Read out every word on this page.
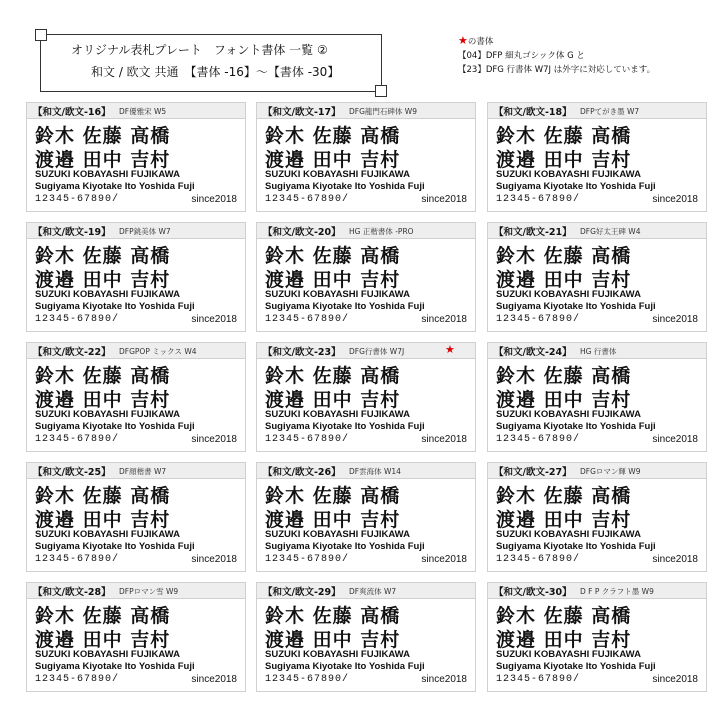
オリジナル表札プレート　フォント書体 一覧 ②
和文 / 欧文 共通　【書体 -16】〜【書体 -30】
★の書体
【04】DFP 細丸ゴシック体 G と
【23】DFG 行書体 W7J は外字に対応しています。
【和文/欧文-16】 DF優雅宋 W5
鈴木 佐藤 高橋
渡邉 田中 吉村
SUZUKI KOBAYASHI FUJIKAWA
Sugiyama Kiyotake Ito Yoshida Fuji
12345-67890/	since2018
【和文/欧文-17】 DFG龍門石碑体 W9
鈴木 佐藤 高橋
渡邉 田中 吉村
SUZUKI KOBAYASHI FUJIKAWA
Sugiyama Kiyotake Ito Yoshida Fuji
12345-67890/	since2018
【和文/欧文-18】 DFPてがき墨 W7
鈴木 佐藤 高橋
渡邉 田中 吉村
SUZUKI KOBAYASHI FUJIKAWA
Sugiyama Kiyotake Ito Yoshida Fuji
12345-67890/	since2018
【和文/欧文-19】 DFP銚美体 W7
鈴木 佐藤 高橋
渡邉 田中 吉村
SUZUKI KOBAYASHI FUJIKAWA
Sugiyama Kiyotake Ito Yoshida Fuji
12345-67890/	since2018
【和文/欧文-20】 HG 正楷書体 -PRO
鈴木 佐藤 高橋
渡邉 田中 吉村
SUZUKI KOBAYASHI FUJIKAWA
Sugiyama Kiyotake Ito Yoshida Fuji
12345-67890/	since2018
【和文/欧文-21】 DFG好太王碑 W4
鈴木 佐藤 高橋
渡邉 田中 吉村
SUZUKI KOBAYASHI FUJIKAWA
Sugiyama Kiyotake Ito Yoshida Fuji
12345-67890/	since2018
【和文/欧文-22】 DFGPOP ミックス W4
鈴木 佐藤 高橋
渡邉 田中 吉村
SUZUKI KOBAYASHI FUJIKAWA
Sugiyama Kiyotake Ito Yoshida Fuji
12345-67890/	since2018
【和文/欧文-23】 DFG行書体 W7J	★
鈴木 佐藤 高橋
渡邉 田中 吉村
SUZUKI KOBAYASHI FUJIKAWA
Sugiyama Kiyotake Ito Yoshida Fuji
12345-67890/	since2018
【和文/欧文-24】 HG 行書体
鈴木 佐藤 高橋
渡邉 田中 吉村
SUZUKI KOBAYASHI FUJIKAWA
Sugiyama Kiyotake Ito Yoshida Fuji
12345-67890/	since2018
【和文/欧文-25】 DF顔楷書 W7
鈴木 佐藤 高橋
渡邉 田中 吉村
SUZUKI KOBAYASHI FUJIKAWA
Sugiyama Kiyotake Ito Yoshida Fuji
12345-67890/	since2018
【和文/欧文-26】 DF雲海体 W14
鈴木 佐藤 高橋
渡邉 田中 吉村
SUZUKI KOBAYASHI FUJIKAWA
Sugiyama Kiyotake Ito Yoshida Fuji
12345-67890/	since2018
【和文/欧文-27】 DFGロマン輝 W9
鈴木 佐藤 高橋
渡邉 田中 吉村
SUZUKI KOBAYASHI FUJIKAWA
Sugiyama Kiyotake Ito Yoshida Fuji
12345-67890/	since2018
【和文/欧文-28】 DFPロマン雪 W9
鈴木 佐藤 高橋
渡邉 田中 吉村
SUZUKI KOBAYASHI FUJIKAWA
Sugiyama Kiyotake Ito Yoshida Fuji
12345-67890/	since2018
【和文/欧文-29】 DF爽流体 W7
鈴木 佐藤 高橋
渡邉 田中 吉村
SUZUKI KOBAYASHI FUJIKAWA
Sugiyama Kiyotake Ito Yoshida Fuji
12345-67890/	since2018
【和文/欧文-30】 D F P クラフト墨 W9
鈴木 佐藤 高橋
渡邉 田中 吉村
SUZUKI KOBAYASHI FUJIKAWA
Sugiyama Kiyotake Ito Yoshida Fuji
12345-67890/	since2018
